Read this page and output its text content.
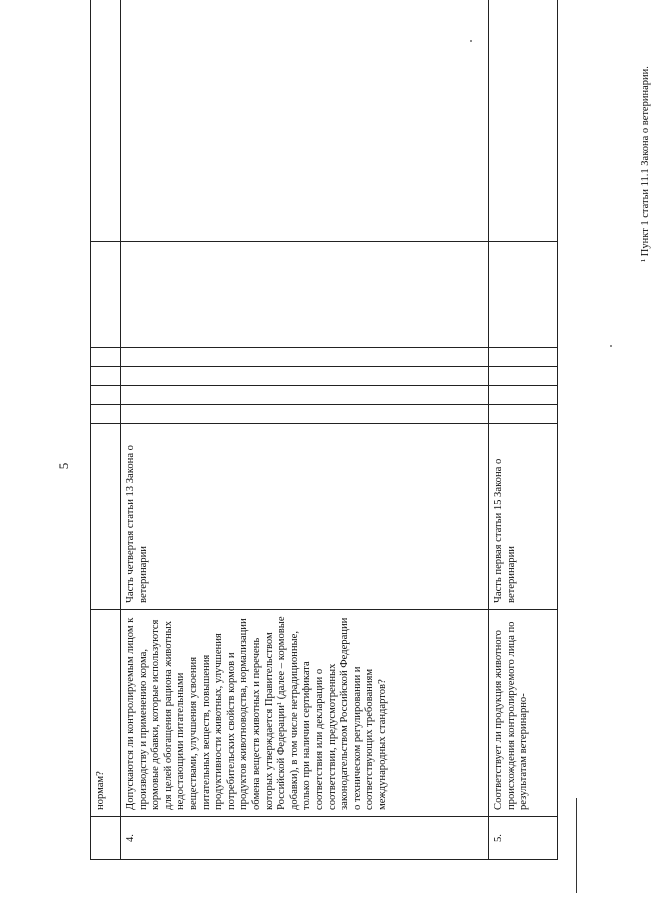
5
	нормам?							
4.	Допускаются ли контролируемым лицом к производству и применению корма, кормовые добавки, которые используются для целей обогащения рациона животных недостающими питательными веществами, улучшения усвоения питательных веществ, повышения продуктивности животных, улучшения потребительских свойств кормов и продуктов животноводства, нормализации обмена веществ животных и перечень которых утверждается Правительством Российской Федерации¹ (далее – кормовые добавки), в том числе нетрадиционные, только при наличии сертификата соответствия или декларации о соответствии, предусмотренных законодательством Российской Федерации о техническом регулировании и соответствующих требованиям международных стандартов?	Часть четвертая статьи 13 Закона о ветеринарии						
5.	Соответствует ли продукция животного происхождения контролируемого лица по результатам ветеринарно-	Часть первая статьи 15 Закона о ветеринарии						
¹ Пункт 1 статьи 11.1 Закона о ветеринарии.
